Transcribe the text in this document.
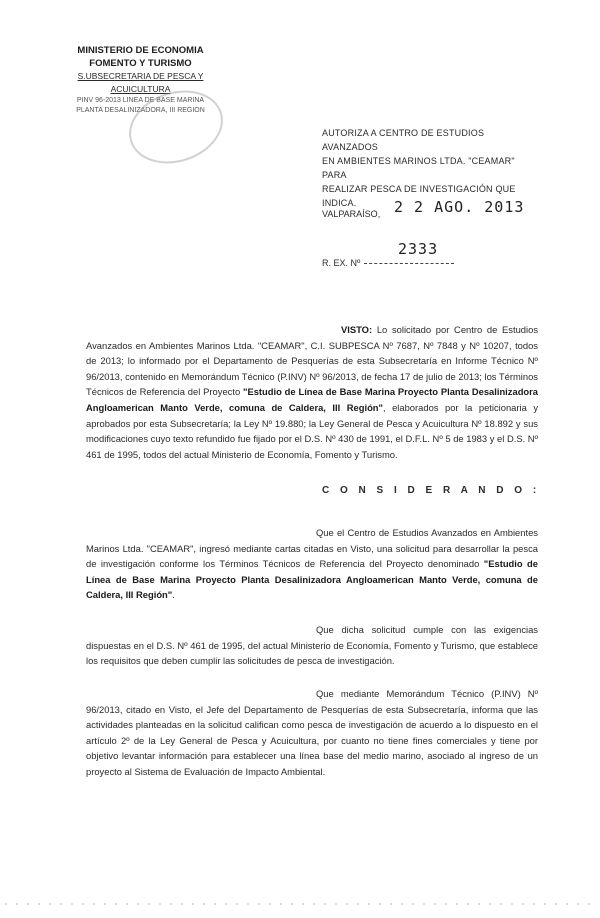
MINISTERIO DE ECONOMIA
FOMENTO Y TURISMO
S.UBSECRETARIA DE PESCA Y ACUICULTURA
PINV 96-2013 LINEA DE BASE MARINA
PLANTA DESALINIZADORA, III REGION
AUTORIZA A CENTRO DE ESTUDIOS AVANZADOS
EN AMBIENTES MARINOS LTDA. "CEAMAR" PARA
REALIZAR PESCA DE INVESTIGACIÓN QUE INDICA.
VALPARAÍSO, 2 2 AGO. 2013
2333
R. EX. Nº
VISTO: Lo solicitado por Centro de Estudios Avanzados en Ambientes Marinos Ltda. "CEAMAR", C.I. SUBPESCA Nº 7687, Nº 7848 y Nº 10207, todos de 2013; lo informado por el Departamento de Pesquerías de esta Subsecretaría en Informe Técnico Nº 96/2013, contenido en Memorándum Técnico (P.INV) Nº 96/2013, de fecha 17 de julio de 2013; los Términos Técnicos de Referencia del Proyecto "Estudio de Línea de Base Marina Proyecto Planta Desalinizadora Angloamerican Manto Verde, comuna de Caldera, III Región", elaborados por la peticionaria y aprobados por esta Subsecretaría; la Ley Nº 19.880; la Ley General de Pesca y Acuicultura Nº 18.892 y sus modificaciones cuyo texto refundido fue fijado por el D.S. Nº 430 de 1991, el D.F.L. Nº 5 de 1983 y el D.S. Nº 461 de 1995, todos del actual Ministerio de Economía, Fomento y Turismo.
C O N S I D E R A N D O :
Que el Centro de Estudios Avanzados en Ambientes Marinos Ltda. "CEAMAR", ingresó mediante cartas citadas en Visto, una solicitud para desarrollar la pesca de investigación conforme los Términos Técnicos de Referencia del Proyecto denominado "Estudio de Línea de Base Marina Proyecto Planta Desalinizadora Angloamerican Manto Verde, comuna de Caldera, III Región".
Que dicha solicitud cumple con las exigencias dispuestas en el D.S. Nº 461 de 1995, del actual Ministerio de Economía, Fomento y Turismo, que establece los requisitos que deben cumplir las solicitudes de pesca de investigación.
Que mediante Memorándum Técnico (P.INV) Nº 96/2013, citado en Visto, el Jefe del Departamento de Pesquerías de esta Subsecretaría, informa que las actividades planteadas en la solicitud califican como pesca de investigación de acuerdo a lo dispuesto en el artículo 2º de la Ley General de Pesca y Acuicultura, por cuanto no tiene fines comerciales y tiene por objetivo levantar información para establecer una línea base del medio marino, asociado al ingreso de un proyecto al Sistema de Evaluación de Impacto Ambiental.
